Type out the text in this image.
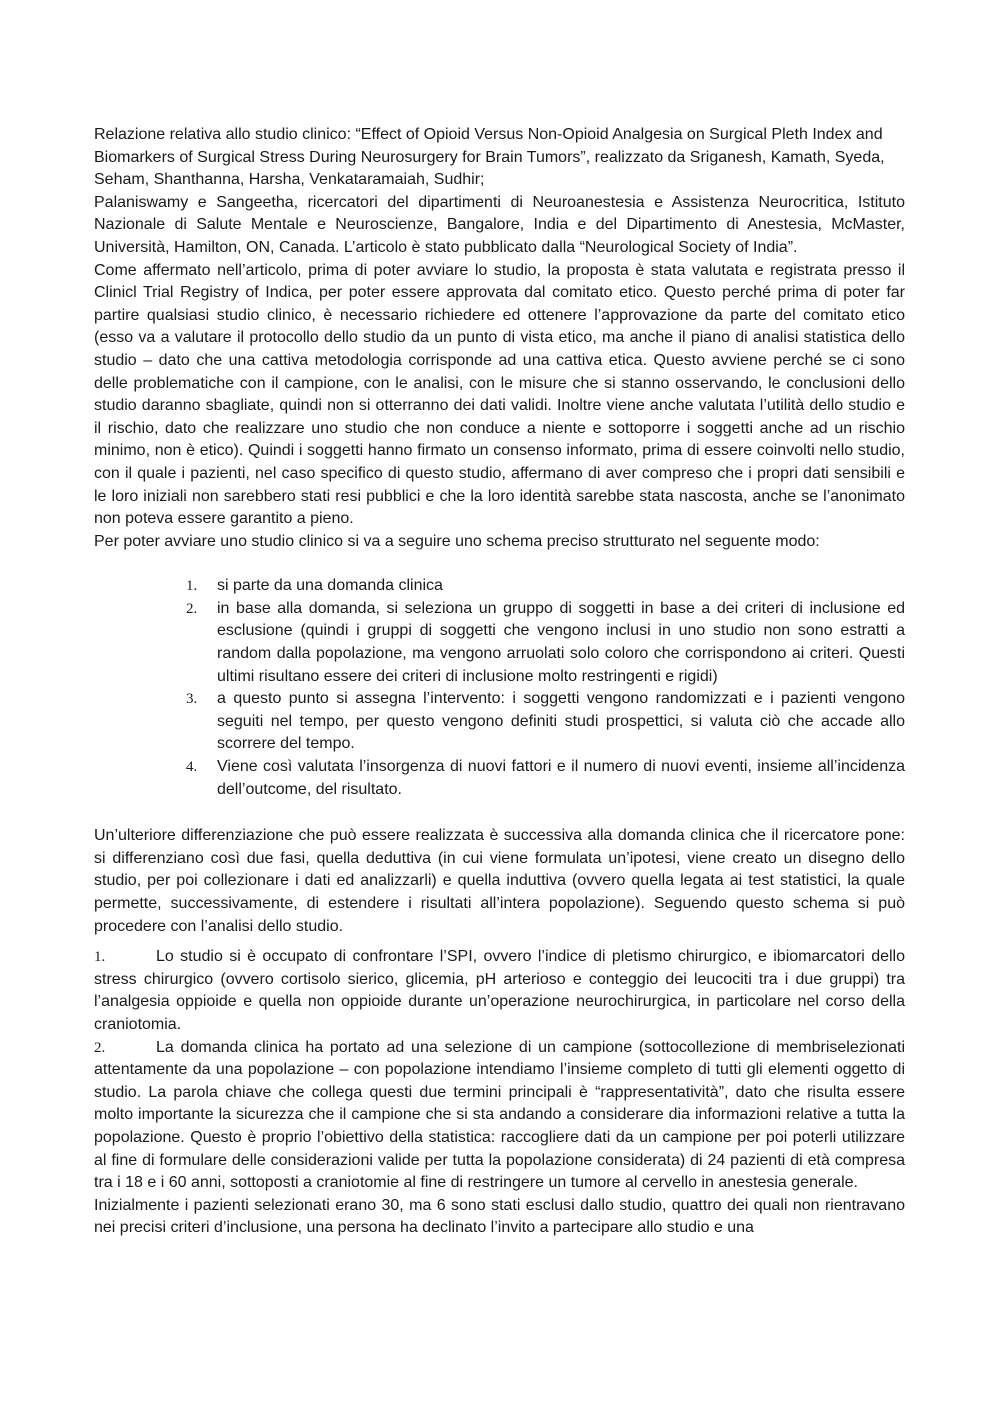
Relazione relativa allo studio clinico: “Effect of Opioid Versus Non-Opioid Analgesia on Surgical Pleth Index and Biomarkers of Surgical Stress During Neurosurgery for Brain Tumors”, realizzato da Sriganesh, Kamath, Syeda, Seham, Shanthanna, Harsha, Venkataramaiah, Sudhir;

Palaniswamy e Sangeetha, ricercatori del dipartimenti di Neuroanestesia e Assistenza Neurocritica, Istituto Nazionale di Salute Mentale e Neuroscienze, Bangalore, India e del Dipartimento di Anestesia, McMaster, Università, Hamilton, ON, Canada. L’articolo è stato pubblicato dalla “Neurological Society of India”.

Come affermato nell’articolo, prima di poter avviare lo studio, la proposta è stata valutata e registrata presso il Clinicl Trial Registry of Indica, per poter essere approvata dal comitato etico. Questo perché prima di poter far partire qualsiasi studio clinico, è necessario richiedere ed ottenere l’approvazione da parte del comitato etico (esso va a valutare il protocollo dello studio da un punto di vista etico, ma anche il piano di analisi statistica dello studio – dato che una cattiva metodologia corrisponde ad una cattiva etica. Questo avviene perché se ci sono delle problematiche con il campione, con le analisi, con le misure che si stanno osservando, le conclusioni dello studio daranno sbagliate, quindi non si otterranno dei dati validi. Inoltre viene anche valutata l’utilità dello studio e il rischio, dato che realizzare uno studio che non conduce a niente e sottoporre i soggetti anche ad un rischio minimo, non è etico). Quindi i soggetti hanno firmato un consenso informato, prima di essere coinvolti nello studio, con il quale i pazienti, nel caso specifico di questo studio, affermano di aver compreso che i propri dati sensibili e le loro iniziali non sarebbero stati resi pubblici e che la loro identità sarebbe stata nascosta, anche se l’anonimato non poteva essere garantito a pieno.

Per poter avviare uno studio clinico si va a seguire uno schema preciso strutturato nel seguente modo:

1. si parte da una domanda clinica
2. in base alla domanda, si seleziona un gruppo di soggetti in base a dei criteri di inclusione ed esclusione (quindi i gruppi di soggetti che vengono inclusi in uno studio non sono estratti a random dalla popolazione, ma vengono arruolati solo coloro che corrispondono ai criteri. Questi ultimi risultano essere dei criteri di inclusione molto restringenti e rigidi)
3. a questo punto si assegna l’intervento: i soggetti vengono randomizzati e i pazienti vengono seguiti nel tempo, per questo vengono definiti studi prospettici, si valuta ciò che accade allo scorrere del tempo.
4. Viene così valutata l’insorgenza di nuovi fattori e il numero di nuovi eventi, insieme all’incidenza dell’outcome, del risultato.

Un’ulteriore differenziazione che può essere realizzata è successiva alla domanda clinica che il ricercatore pone: si differenziano così due fasi, quella deduttiva (in cui viene formulata un’ipotesi, viene creato un disegno dello studio, per poi collezionare i dati ed analizzarli) e quella induttiva (ovvero quella legata ai test statistici, la quale permette, successivamente, di estendere i risultati all’intera popolazione). Seguendo questo schema si può procedere con l’analisi dello studio.

1.	Lo studio si è occupato di confrontare l’SPI, ovvero l’indice di pletismo chirurgico, e ibiomarcatori dello stress chirurgico (ovvero cortisolo sierico, glicemia, pH arterioso e conteggio dei leucociti tra i due gruppi) tra l’analgesia oppioide e quella non oppioide durante un’operazione neurochirurgica, in particolare nel corso della craniotomia.

2.	La domanda clinica ha portato ad una selezione di un campione (sottocollezione di membriselezionati attentamente da una popolazione – con popolazione intendiamo l’insieme completo di tutti gli elementi oggetto di studio. La parola chiave che collega questi due termini principali è “rappresentatività”, dato che risulta essere molto importante la sicurezza che il campione che si sta andando a considerare dia informazioni relative a tutta la popolazione. Questo è proprio l’obiettivo della statistica: raccogliere dati da un campione per poi poterli utilizzare al fine di formulare delle considerazioni valide per tutta la popolazione considerata) di 24 pazienti di età compresa tra i 18 e i 60 anni, sottoposti a craniotomie al fine di restringere un tumore al cervello in anestesia generale.

Inizialmente i pazienti selezionati erano 30, ma 6 sono stati esclusi dallo studio, quattro dei quali non rientravano nei precisi criteri d’inclusione, una persona ha declinato l’invito a partecipare allo studio e una
